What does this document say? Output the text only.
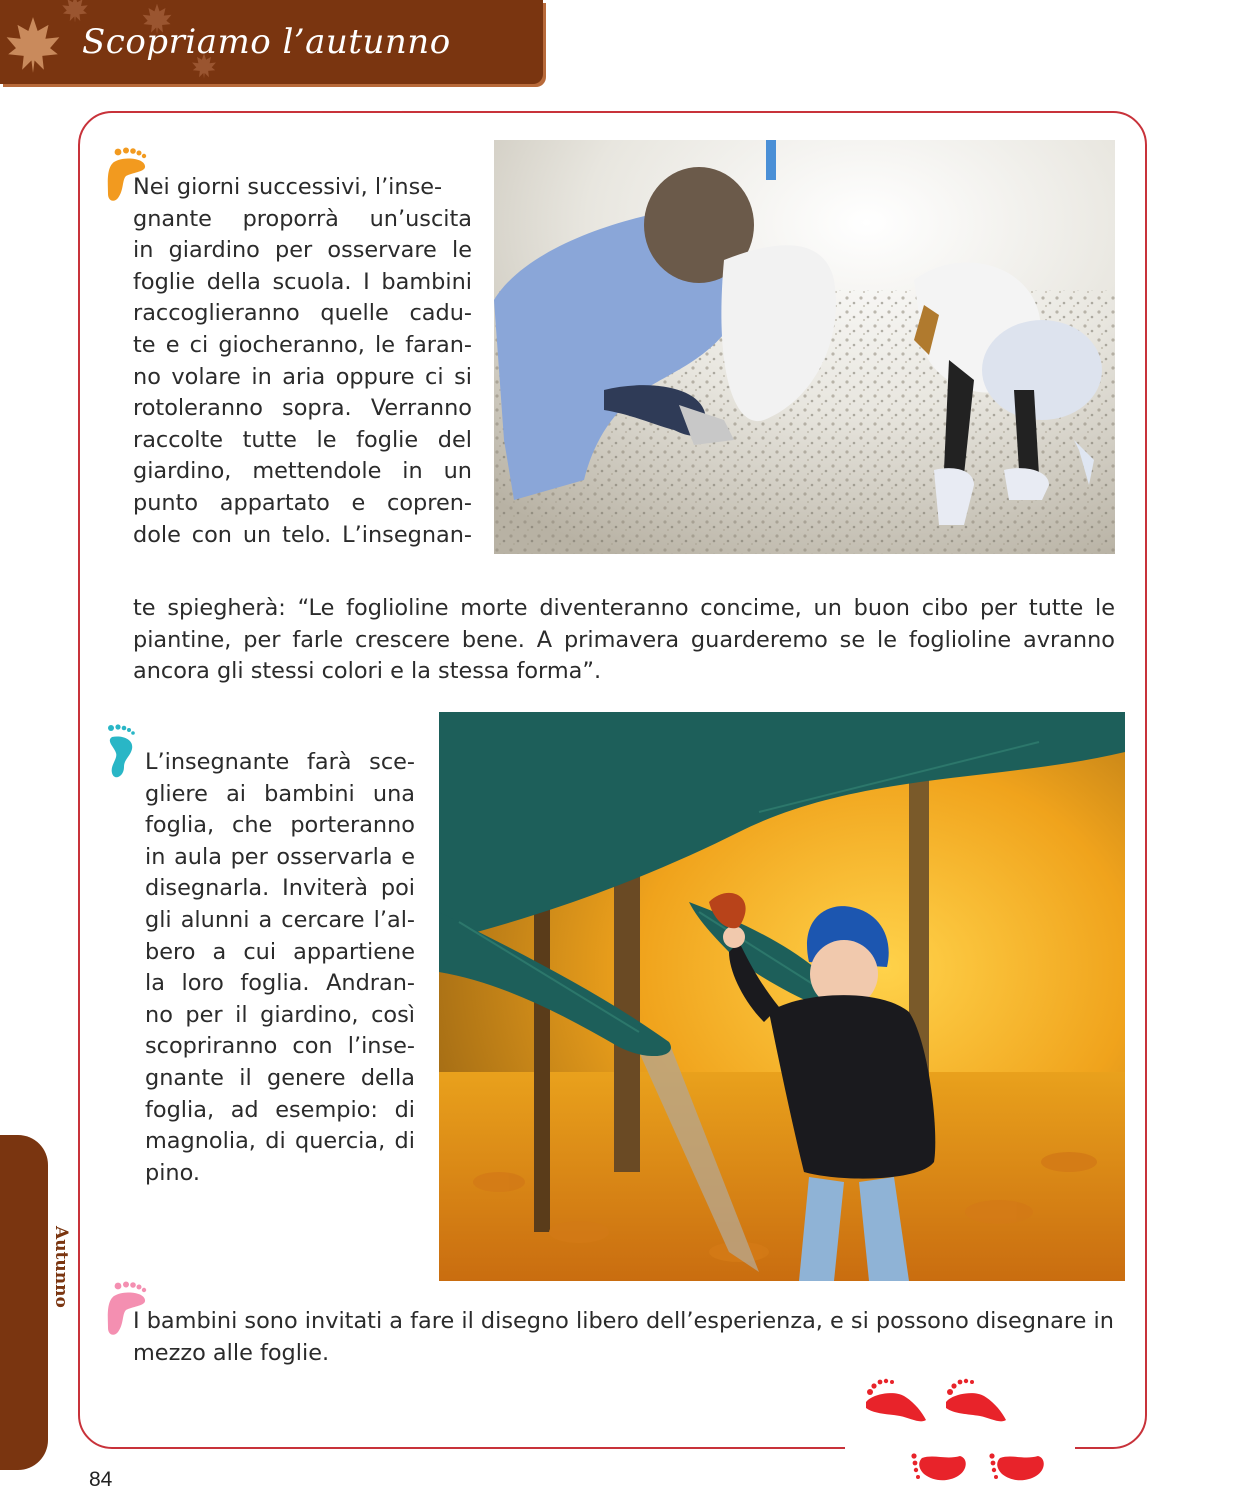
Scopriamo l’autunno
Nei giorni successivi, l’inse-
gnante proporrà un’uscita
in giardino per osservare le
foglie della scuola. I bambini
raccoglieranno quelle cadu-
te e ci giocheranno, le faran-
no volare in aria oppure ci si
rotoleranno sopra. Verranno
raccolte tutte le foglie del
giardino, mettendole in un
punto appartato e copren-
dole con un telo. L’insegnan-
te spiegherà: “Le foglioline morte diventeranno concime, un buon cibo per tutte le piantine, per farle crescere bene. A primavera guarderemo se le foglioline avranno ancora gli stessi colori e la stessa forma”.
L’insegnante farà sce-
gliere ai bambini una
foglia, che porteranno
in aula per osservarla e
disegnarla. Inviterà poi
gli alunni a cercare l’al-
bero a cui appartiene
la loro foglia. Andran-
no per il giardino, così
scopriranno con l’inse-
gnante il genere della
foglia, ad esempio: di
magnolia, di quercia, di
pino.
I bambini sono invitati a fare il disegno libero dell’esperienza, e si possono disegnare in mezzo alle foglie.
Autunno
84
